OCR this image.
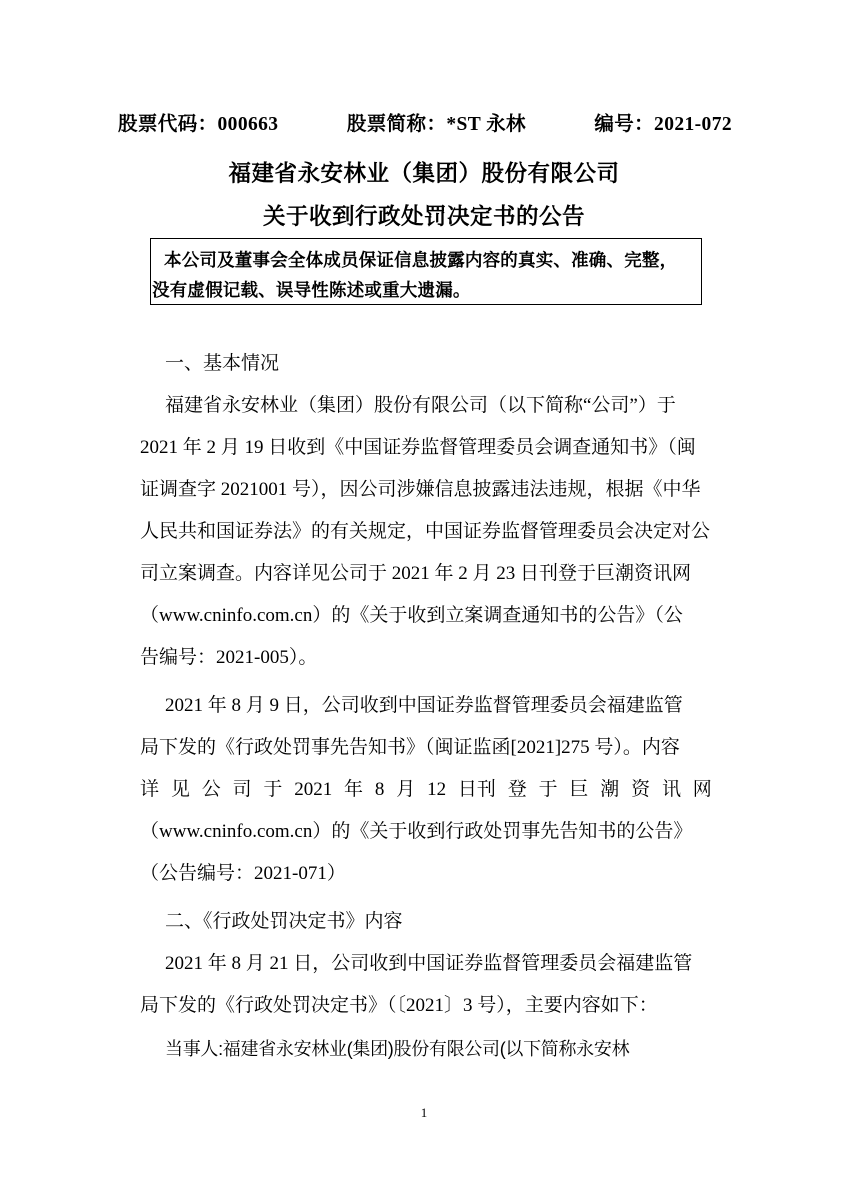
股票代码：000663	股票简称：*ST 永林	编号：2021-072
福建省永安林业（集团）股份有限公司
关于收到行政处罚决定书的公告
本公司及董事会全体成员保证信息披露内容的真实、准确、完整，
没有虚假记载、误导性陈述或重大遗漏。
一、基本情况
福建省永安林业（集团）股份有限公司（以下简称“公司”）于
2021 年 2 月 19 日收到《中国证券监督管理委员会调查通知书》（闽
证调查字 2021001 号），因公司涉嫌信息披露违法违规，根据《中华
人民共和国证券法》的有关规定，中国证券监督管理委员会决定对公
司立案调查。内容详见公司于 2021 年 2 月 23 日刊登于巨潮资讯网
（www.cninfo.com.cn）的《关于收到立案调查通知书的公告》（公
告编号：2021-005）。
2021 年 8 月 9 日，公司收到中国证券监督管理委员会福建监管
局下发的《行政处罚事先告知书》（闽证监函[2021]275 号）。内容
详 见 公 司 于 2021 年 8 月 12 日刊 登 于 巨 潮 资 讯 网
（www.cninfo.com.cn）的《关于收到行政处罚事先告知书的公告》
（公告编号：2021-071）
二、《行政处罚决定书》内容
2021 年 8 月 21 日，公司收到中国证券监督管理委员会福建监管
局下发的《行政处罚决定书》（〔2021〕3 号），主要内容如下：
当事人:福建省永安林业(集团)股份有限公司(以下简称永安林
1
